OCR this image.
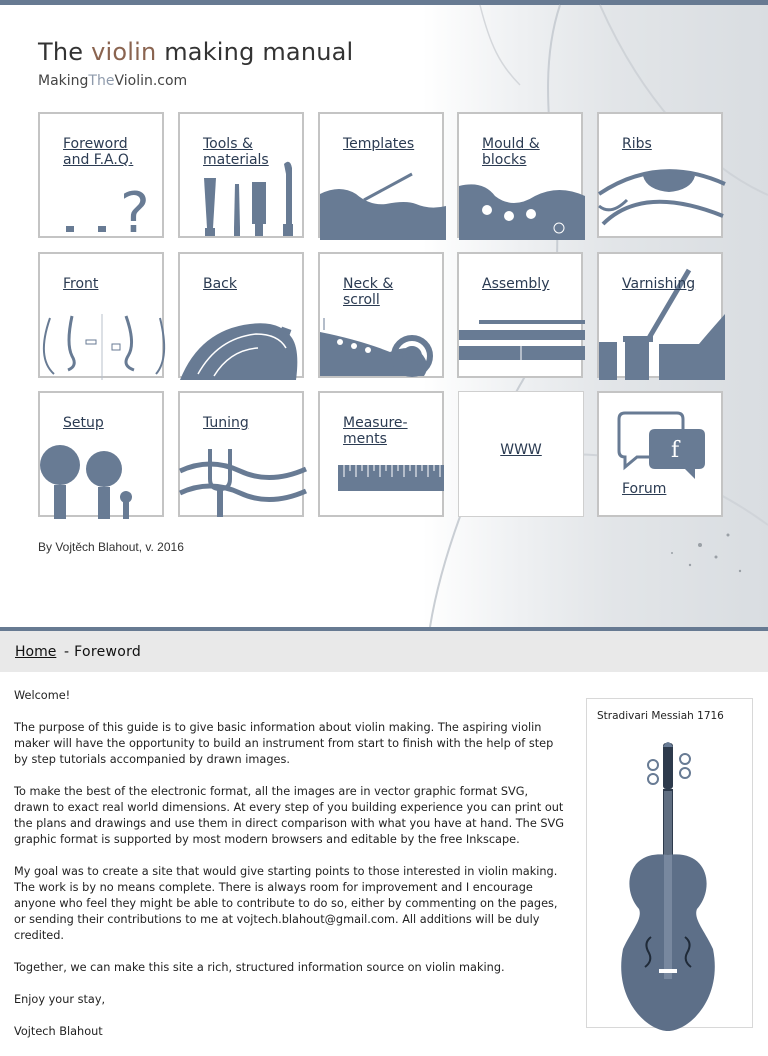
The violin making manual
MakingTheViolin.com
?
Foreword
and F.A.Q.
Tools &
materials
Templates	Mould &
blocks
Ribs
Front	Back	Neck &
scroll
Assembly	Varnishing
Setup	Tuning	Measure-
ments
WWW	f
Forum
By Vojtěch Blahout, v. 2016
Home - Foreword

Welcome!

The purpose of this guide is to give basic information about violin making. The aspiring violin maker will have the opportunity to build an instrument from start to finish with the help of step by step tutorials accompanied by drawn images.

To make the best of the electronic format, all the images are in vector graphic format SVG, drawn to exact real world dimensions. At every step of you building experience you can print out the plans and drawings and use them in direct comparison with what you have at hand. The SVG graphic format is supported by most modern browsers and editable by the free Inkscape.

My goal was to create a site that would give starting points to those interested in violin making. The work is by no means complete. There is always room for improvement and I encourage anyone who feel they might be able to contribute to do so, either by commenting on the pages, or sending their contributions to me at vojtech.blahout@gmail.com. All additions will be duly credited.

Together, we can make this site a rich, structured information source on violin making.

Enjoy your stay,

Vojtech Blahout

Stradivari Messiah 1716
